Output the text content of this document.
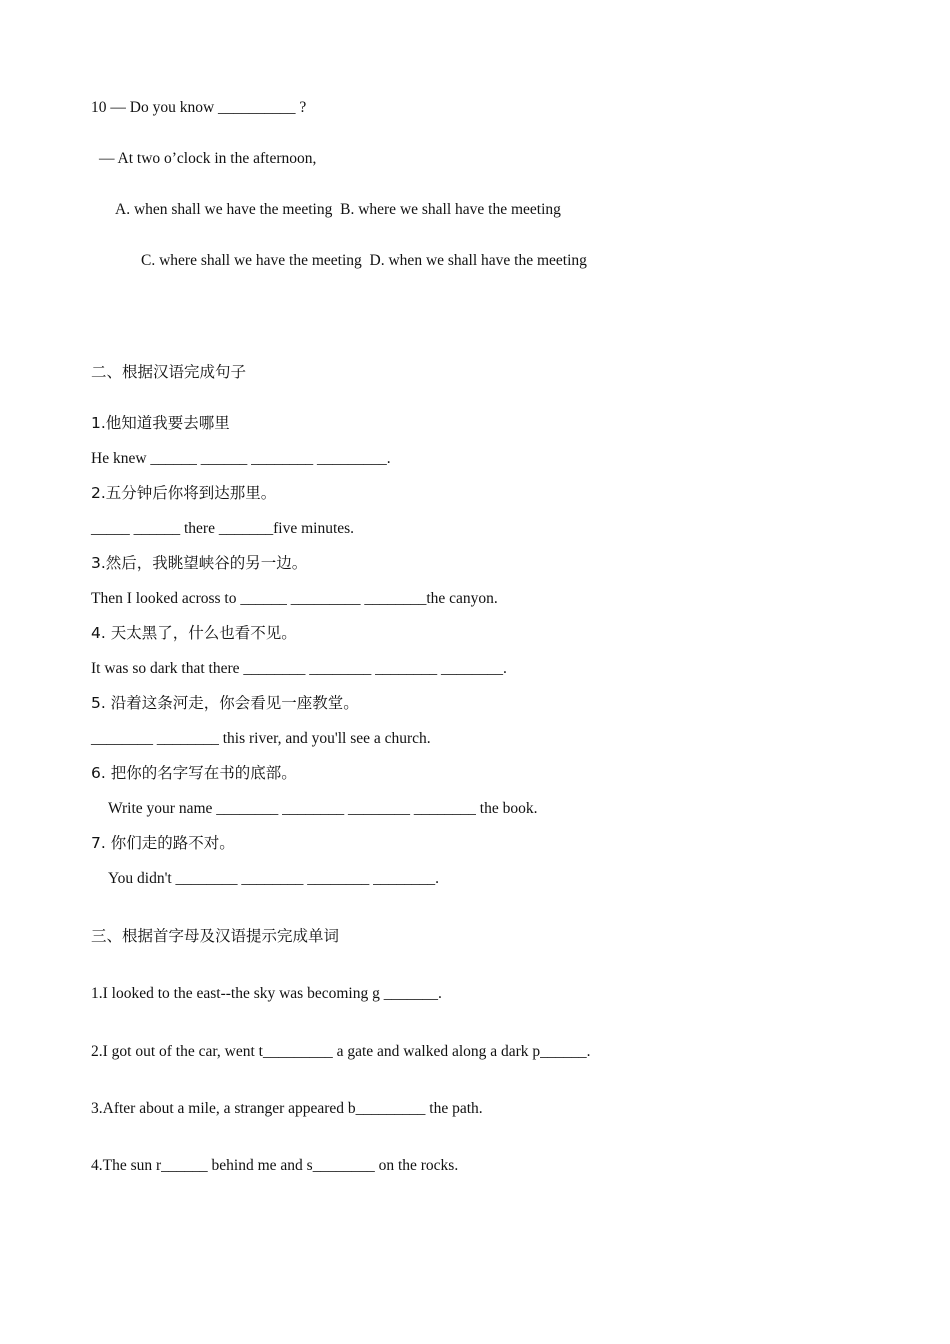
10 — Do you know __________ ?
— At two o’clock in the afternoon,
A. when shall we have the meeting  B. where we shall have the meeting
C. where shall we have the meeting  D. when we shall have the meeting
二、根据汉语完成句子
1.他知道我要去哪里
He knew ______ ______ ________ _________.
2.五分钟后你将到达那里。
_____ ______ there _______five minutes.
3.然后，我眺望峡谷的另一边。
Then I looked across to ______ _________ ________the canyon.
4. 天太黑了，什么也看不见。
It was so dark that there ________ ________ ________ ________.
5. 沿着这条河走，你会看见一座教堂。
________ ________ this river, and you'll see a church.
6. 把你的名字写在书的底部。
Write your name ________ ________ ________ ________ the book.
7. 你们走的路不对。
You didn't ________ ________ ________ ________.
三、根据首字母及汉语提示完成单词
1.I looked to the east--the sky was becoming g _______.
2.I got out of the car, went t_________ a gate and walked along a dark p______.
3.After about a mile, a stranger appeared b_________ the path.
4.The sun r______ behind me and s________ on the rocks.
